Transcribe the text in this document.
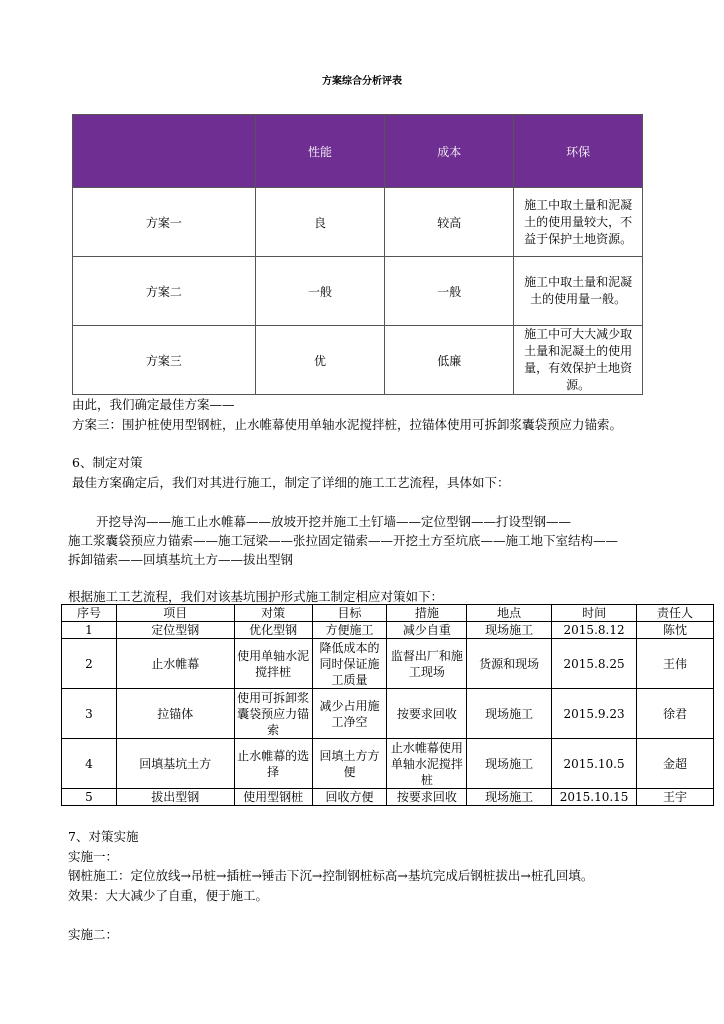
方案综合分析评表
	性能	成本	环保
方案一	良	较高	施工中取土量和泥凝土的使用量较大，不益于保护土地资源。
方案二	一般	一般	施工中取土量和泥凝土的使用量一般。
方案三	优	低廉	施工中可大大减少取土量和泥凝土的使用量，有效保护土地资源。
由此，我们确定最佳方案——
方案三：围护桩使用型钢桩，止水帷幕使用单轴水泥搅拌桩，拉锚体使用可拆卸浆囊袋预应力锚索。
6、制定对策
最佳方案确定后，我们对其进行施工，制定了详细的施工工艺流程，具体如下：
开挖导沟——施工止水帷幕——放坡开挖并施工土钉墙——定位型钢——打设型钢——
施工浆囊袋预应力锚索——施工冠梁——张拉固定锚索——开挖土方至坑底——施工地下室结构——
拆卸锚索——回填基坑土方——拔出型钢
根据施工工艺流程，我们对该基坑围护形式施工制定相应对策如下：
序号	项目	对策	目标	措施	地点	时间	责任人
1	定位型钢	优化型钢	方便施工	减少自重	现场施工	2015.8.12	陈忱
2	止水帷幕	使用单轴水泥搅拌桩	降低成本的同时保证施工质量	监督出厂和施工现场	货源和现场	2015.8.25	王伟
3	拉锚体	使用可拆卸浆囊袋预应力锚索	减少占用施工净空	按要求回收	现场施工	2015.9.23	徐君
4	回填基坑土方	止水帷幕的选择	回填土方方便	止水帷幕使用单轴水泥搅拌桩	现场施工	2015.10.5	金超
5	拔出型钢	使用型钢桩	回收方便	按要求回收	现场施工	2015.10.15	王宇
7、对策实施
实施一：
钢桩施工：定位放线→吊桩→插桩→锤击下沉→控制钢桩标高→基坑完成后钢桩拔出→桩孔回填。
效果：大大减少了自重，便于施工。
实施二：
